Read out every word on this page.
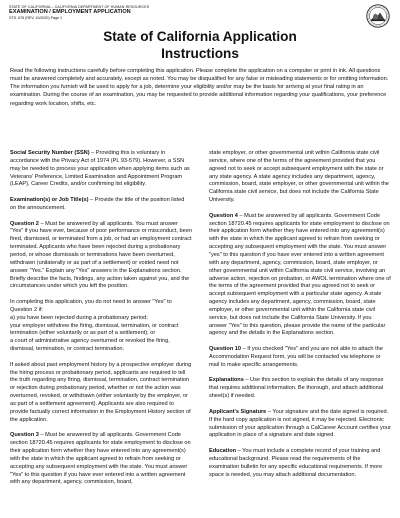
STATE OF CALIFORNIA – CALIFORNIA DEPARTMENT OF HUMAN RESOURCES
EXAMINATION / EMPLOYMENT APPLICATION
STD. 678 (REV. 10/2020) Page 1
State of California Application
Instructions

Read the following instructions carefully before completing this application. Please complete the application on a computer or print in ink. All questions must be answered completely and accurately, except as noted. You may be disqualified for any false or misleading statements or for omitting information. The information you furnish will be used to apply for a job, determine your eligibility and/or may be the basis for arriving at your final rating in an examination. During the course of an examination, you may be requested to provide additional information regarding your qualifications, your preference regarding work location, shifts, etc.

Social Security Number (SSN) – Providing this is voluntary in accordance with the Privacy Act of 1974 (PL 93-579). However, a SSN may be needed to process your application when applying items such as Veterans' Preference, Limited Examination and Appointment Program (LEAP), Career Credits, and/or confirming list eligibility.

Examination(s) or Job Title(s) – Provide the title of the position listed on the announcement.

Question 2 – Must be answered by all applicants. You must answer "Yes" if you have ever, because of poor performance or misconduct, been fired, dismissed, or terminated from a job, or had an employment contract terminated. Applicants who have been rejected during a probationary period, or whose dismissals or terminations have been overturned, withdrawn (unilaterally or as part of a settlement) or voided need not answer "Yes." Explain any "Yes" answers in the Explanations section. Briefly describe the facts, findings, any action taken against you, and the circumstances under which you left the position.

In completing this application, you do not need to answer "Yes" to Question 2 if:

a) you have been rejected during a probationary period;

your employer withdrew the firing, dismissal, termination, or contract termination (either voluntarily or as part of a settlement); or

a court of administrative agency overturned or revoked the firing, dismissal, termination, or contract termination.

If asked about past employment history by a prospective employer during the hiring process or probationary period, applicants are required to tell the truth regarding any firing, dismissal, termination, contract termination or rejection during probationary period, whether or not the action was overturned, revoked, or withdrawn (either voluntarily by the employer, or as part of a settlement agreement). Applicants are also required to provide factually correct information in the Employment History section of the application.

Question 3 – Must be answered by all applicants. Government Code section 18720.45 requires applicants for state employment to disclose on their application form whether they have entered into any agreement(s) with the state in which the applicant agreed to refrain from seeking or accepting any subsequent employment with the state. You must answer "Yes" to this question if you have ever entered into a written agreement with any department, agency, commission, board,

state employer, or other governmental unit within California state civil service, where one of the terms of the agreement provided that you agreed not to seek or accept subsequent employment with the state or any state agency. A state agency includes any department, agency, commission, board, state employer, or other governmental unit within the California state civil service, but does not include the California State University.

Question 4 – Must be answered by all applicants. Government Code section 18720.45 requires applicants for state employment to disclose on their application form whether they have entered into any agreement(s) with the state in which the applicant agreed to refrain from seeking or accepting any subsequent employment with the state. You must answer "yes" to this question if you have ever entered into a written agreement with any department, agency, commission, board, state employer, or other governmental unit within California state civil service, involving an adverse action, rejection on probation, or AWOL termination where one of the terms of the agreement provided that you agreed not to seek or accept subsequent employment with a particular state agency. A state agency includes any department, agency, commission, board, state employer, or other governmental unit within the California state civil service, but does not include the California State University. If you answer "Yes" to this question, please provide the name of the particular agency and the details in the Explanations section.

Question 10 – If you checked "Yes" and you are not able to attach the Accommodation Request form, you will be contacted via telephone or mail to make specific arrangements.

Explanations – Use this section to explain the details of any response that requires additional information. Be thorough, and attach additional sheet(s) if needed.

Applicant's Signature – Your signature and the date signed is required. If the hard copy application is not signed, it may be rejected. Electronic submission of your application through a CalCareer Account certifies your application in place of a signature and date signed.

Education – You must include a complete record of your training and educational background. Please read the requirements of the examination bulletin for any specific educational requirements. If more space is needed, you may attach additional documentation.
